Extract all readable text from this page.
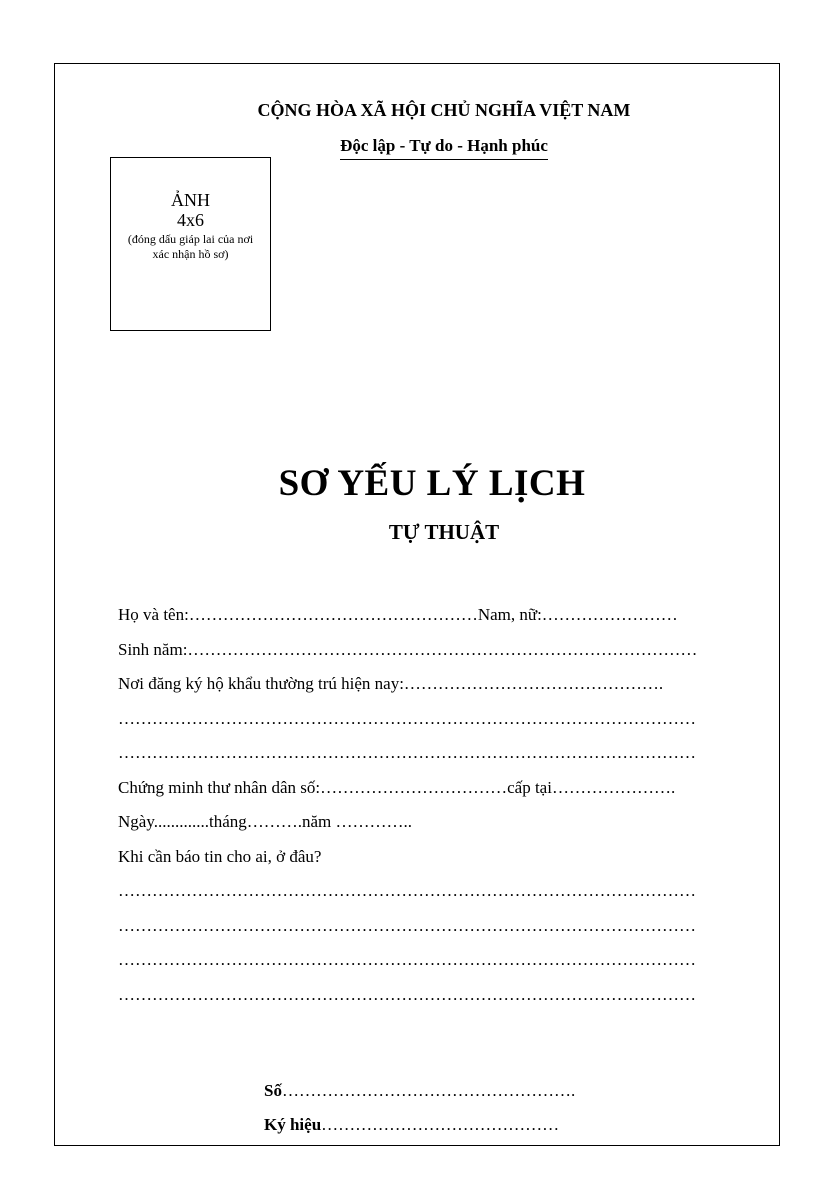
CỘNG HÒA XÃ HỘI CHỦ NGHĨA VIỆT NAM
Độc lập - Tự do - Hạnh phúc
ẢNH
4x6
(đóng dấu giáp lai của nơi xác nhận hồ sơ)
SƠ YẾU LÝ LỊCH
TỰ THUẬT
Họ và tên:……………………………………………Nam, nữ:……………………
Sinh năm:………………………………………………………………………………
Nơi đăng ký hộ khẩu thường trú hiện nay:……………………………………….
…………………………………………………………………………………………
…………………………………………………………………………………………
Chứng minh thư nhân dân số:……………………………cấp tại………………….
Ngày.............tháng……….năm …………..
Khi cần báo tin cho ai, ở đâu?
…………………………………………………………………………………………
…………………………………………………………………………………………
…………………………………………………………………………………………
…………………………………………………………………………………………
Số…………………………………………….
Ký hiệu……………………………………
